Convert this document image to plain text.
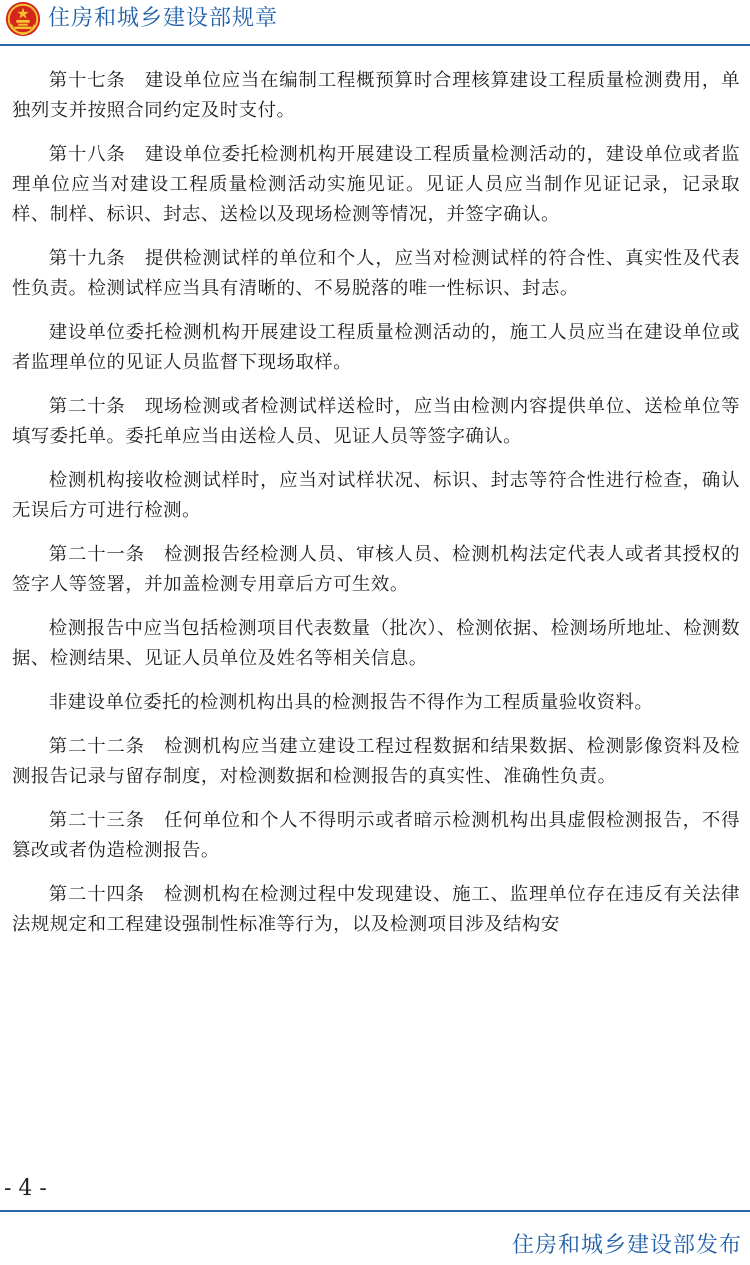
住房和城乡建设部规章

第十七条　建设单位应当在编制工程概预算时合理核算建设工程质量检测费用，单独列支并按照合同约定及时支付。

第十八条　建设单位委托检测机构开展建设工程质量检测活动的，建设单位或者监理单位应当对建设工程质量检测活动实施见证。见证人员应当制作见证记录，记录取样、制样、标识、封志、送检以及现场检测等情况，并签字确认。

第十九条　提供检测试样的单位和个人，应当对检测试样的符合性、真实性及代表性负责。检测试样应当具有清晰的、不易脱落的唯一性标识、封志。

建设单位委托检测机构开展建设工程质量检测活动的，施工人员应当在建设单位或者监理单位的见证人员监督下现场取样。

第二十条　现场检测或者检测试样送检时，应当由检测内容提供单位、送检单位等填写委托单。委托单应当由送检人员、见证人员等签字确认。

检测机构接收检测试样时，应当对试样状况、标识、封志等符合性进行检查，确认无误后方可进行检测。

第二十一条　检测报告经检测人员、审核人员、检测机构法定代表人或者其授权的签字人等签署，并加盖检测专用章后方可生效。

检测报告中应当包括检测项目代表数量（批次）、检测依据、检测场所地址、检测数据、检测结果、见证人员单位及姓名等相关信息。

非建设单位委托的检测机构出具的检测报告不得作为工程质量验收资料。

第二十二条　检测机构应当建立建设工程过程数据和结果数据、检测影像资料及检测报告记录与留存制度，对检测数据和检测报告的真实性、准确性负责。

第二十三条　任何单位和个人不得明示或者暗示检测机构出具虚假检测报告，不得篡改或者伪造检测报告。

第二十四条　检测机构在检测过程中发现建设、施工、监理单位存在违反有关法律法规规定和工程建设强制性标准等行为，以及检测项目涉及结构安

- 4 -
住房和城乡建设部发布
